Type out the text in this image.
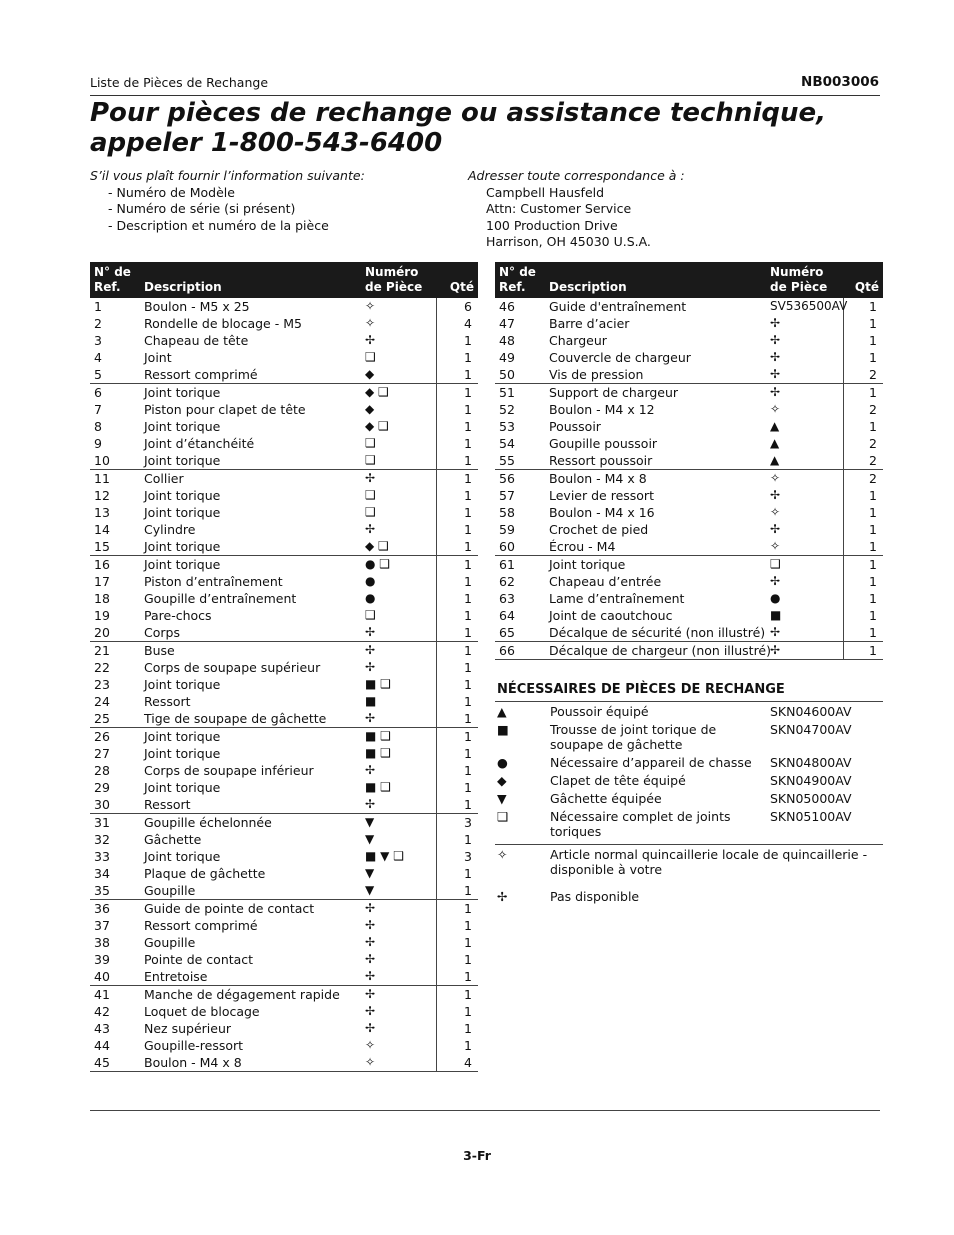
Liste de Pièces de Rechange	NB003006
Pour pièces de rechange ou assistance technique, appeler 1-800-543-6400
S’il vous plaît fournir l’information suivante:
- Numéro de Modèle
- Numéro de série (si présent)
- Description et numéro de la pièce
Adresser toute correspondance à :
Campbell Hausfeld
Attn: Customer Service
100 Production Drive
Harrison, OH 45030 U.S.A.
N° de Ref.	Description	Numéro de Pièce	Qté
1	Boulon - M5 x 25	✧	6
2	Rondelle de blocage - M5	✧	4
3	Chapeau de tête	✢	1
4	Joint	❑	1
5	Ressort comprimé	◆	1
6	Joint torique	◆ ❑	1
7	Piston pour clapet de tête	◆	1
8	Joint torique	◆ ❑	1
9	Joint d’étanchéité	❑	1
10	Joint torique	❑	1
11	Collier	✢	1
12	Joint torique	❑	1
13	Joint torique	❑	1
14	Cylindre	✢	1
15	Joint torique	◆ ❑	1
16	Joint torique	● ❑	1
17	Piston d’entraînement	●	1
18	Goupille d’entraînement	●	1
19	Pare-chocs	❑	1
20	Corps	✢	1
21	Buse	✢	1
22	Corps de soupape supérieur	✢	1
23	Joint torique	■ ❑	1
24	Ressort	■	1
25	Tige de soupape de gâchette	✢	1
26	Joint torique	■ ❑	1
27	Joint torique	■ ❑	1
28	Corps de soupape inférieur	✢	1
29	Joint torique	■ ❑	1
30	Ressort	✢	1
31	Goupille échelonnée	▼	3
32	Gâchette	▼	1
33	Joint torique	■ ▼ ❑	3
34	Plaque de gâchette	▼	1
35	Goupille	▼	1
36	Guide de pointe de contact	✢	1
37	Ressort comprimé	✢	1
38	Goupille	✢	1
39	Pointe de contact	✢	1
40	Entretoise	✢	1
41	Manche de dégagement rapide	✢	1
42	Loquet de blocage	✢	1
43	Nez supérieur	✢	1
44	Goupille-ressort	✧	1
45	Boulon - M4 x 8	✧	4
N° de Ref.	Description	Numéro de Pièce	Qté
46	Guide d'entraînement	SV536500AV	1
47	Barre d’acier	✢	1
48	Chargeur	✢	1
49	Couvercle de chargeur	✢	1
50	Vis de pression	✢	2
51	Support de chargeur	✢	1
52	Boulon - M4 x 12	✧	2
53	Poussoir	▲	1
54	Goupille poussoir	▲	2
55	Ressort poussoir	▲	2
56	Boulon - M4 x 8	✧	2
57	Levier de ressort	✢	1
58	Boulon - M4 x 16	✧	1
59	Crochet de pied	✢	1
60	Écrou - M4	✧	1
61	Joint torique	❑	1
62	Chapeau d’entrée	✢	1
63	Lame d’entraînement	●	1
64	Joint de caoutchouc	■	1
65	Décalque de sécurité (non illustré)	✢	1
66	Décalque de chargeur (non illustré)	✢	1
NÉCESSAIRES DE PIÈCES DE RECHANGE
▲	Poussoir équipé	SKN04600AV
■	Trousse de joint torique de soupape de gâchette
SKN04700AV
●	Nécessaire d’appareil de chasse	SKN04800AV
◆	Clapet de tête équipé	SKN04900AV
▼	Gâchette équipée	SKN05000AV
❑	Nécessaire complet de joints toriques
SKN05100AV
✧	Article normal quincaillerie locale de quincaillerie - disponible à votre
✢	Pas disponible
3-Fr
